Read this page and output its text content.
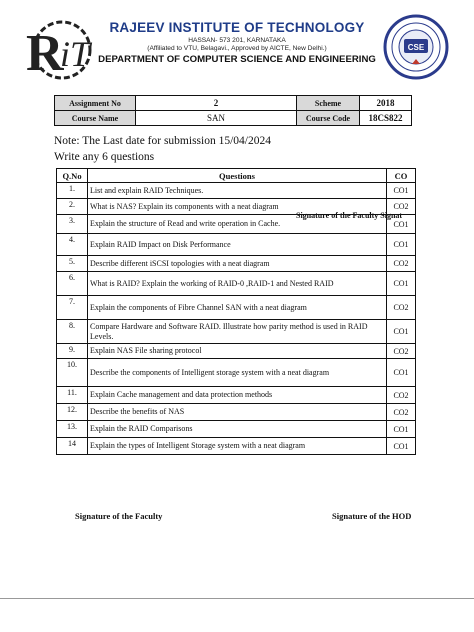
R
iT	CSE
RAJEEV INSTITUTE OF TECHNOLOGY
HASSAN- 573 201, KARNATAKA
(Affiliated to VTU, Belagavi., Approved by AICTE, New Delhi.)
DEPARTMENT OF COMPUTER SCIENCE AND ENGINEERING
Assignment No	2	Scheme	2018
Course Name	SAN	Course Code	18CS822
Note: The Last date for submission 15/04/2024
Write any 6 questions
Q.No	Questions	CO
1.	List and explain RAID Techniques.	CO1
2.	What is NAS? Explain its components with a neat diagram	CO2
3.	Explain the structure of Read and write operation in Cache.	CO1
4.	Explain RAID Impact on Disk Performance	CO1
5.	Describe different iSCSI topologies with a neat diagram	CO2
6.	What is RAID? Explain the working of RAID-0 ,RAID-1 and Nested RAID	CO1
7.	Explain the components of Fibre Channel SAN with a neat diagram	CO2
8.	Compare Hardware and Software RAID. Illustrate how parity method is used in RAID Levels.	CO1
9.	Explain NAS File sharing protocol	CO2
10.	Describe the components of Intelligent storage system with a neat diagram	CO1
11.	Explain Cache management and data protection methods	CO2
12.	Describe the benefits of NAS	CO2
13.	Explain the RAID Comparisons	CO1
14	Explain the types of Intelligent Storage system with a neat diagram	CO1
Signature of the Faculty Signat
Signature of the Faculty	Signature of the HOD
